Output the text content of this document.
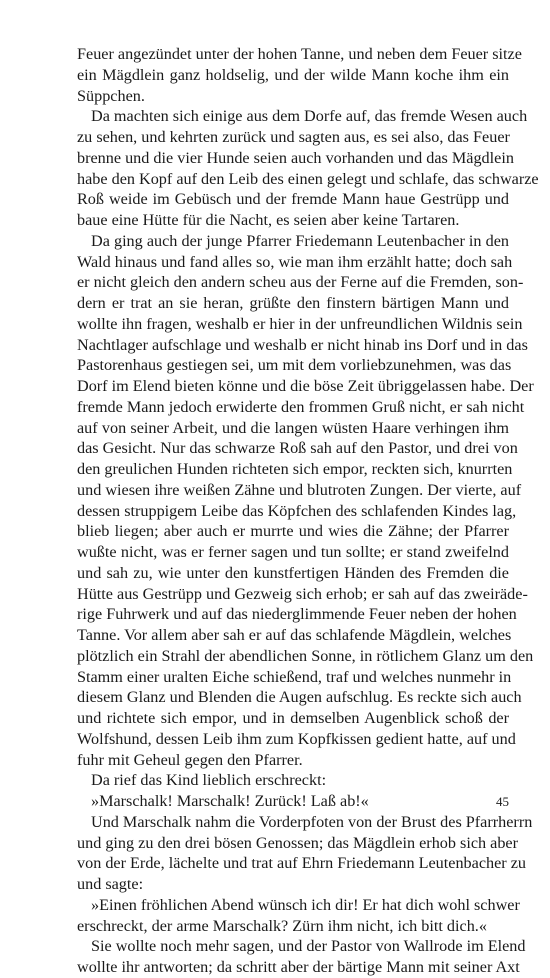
Feuer angezündet unter der hohen Tanne, und neben dem Feuer sitze
ein Mägdlein ganz holdselig, und der wilde Mann koche ihm ein
Süppchen.
Da machten sich einige aus dem Dorfe auf, das fremde Wesen auch
zu sehen, und kehrten zurück und sagten aus, es sei also, das Feuer
brenne und die vier Hunde seien auch vorhanden und das Mägdlein
habe den Kopf auf den Leib des einen gelegt und schlafe, das schwarze
Roß weide im Gebüsch und der fremde Mann haue Gestrüpp und
baue eine Hütte für die Nacht, es seien aber keine Tartaren.
Da ging auch der junge Pfarrer Friedemann Leutenbacher in den
Wald hinaus und fand alles so, wie man ihm erzählt hatte; doch sah
er nicht gleich den andern scheu aus der Ferne auf die Fremden, son-
dern er trat an sie heran, grüßte den finstern bärtigen Mann und
wollte ihn fragen, weshalb er hier in der unfreundlichen Wildnis sein
Nachtlager aufschlage und weshalb er nicht hinab ins Dorf und in das
Pastorenhaus gestiegen sei, um mit dem vorliebzunehmen, was das
Dorf im Elend bieten könne und die böse Zeit übriggelassen habe. Der
fremde Mann jedoch erwiderte den frommen Gruß nicht, er sah nicht
auf von seiner Arbeit, und die langen wüsten Haare verhingen ihm
das Gesicht. Nur das schwarze Roß sah auf den Pastor, und drei von
den greulichen Hunden richteten sich empor, reckten sich, knurrten
und wiesen ihre weißen Zähne und blutroten Zungen. Der vierte, auf
dessen struppigem Leibe das Köpfchen des schlafenden Kindes lag,
blieb liegen; aber auch er murrte und wies die Zähne; der Pfarrer
wußte nicht, was er ferner sagen und tun sollte; er stand zweifelnd
und sah zu, wie unter den kunstfertigen Händen des Fremden die
Hütte aus Gestrüpp und Gezweig sich erhob; er sah auf das zweiräde-
rige Fuhrwerk und auf das niederglimmende Feuer neben der hohen
Tanne. Vor allem aber sah er auf das schlafende Mägdlein, welches
plötzlich ein Strahl der abendlichen Sonne, in rötlichem Glanz um den
Stamm einer uralten Eiche schießend, traf und welches nunmehr in
diesem Glanz und Blenden die Augen aufschlug. Es reckte sich auch
und richtete sich empor, und in demselben Augenblick schoß der
Wolfshund, dessen Leib ihm zum Kopfkissen gedient hatte, auf und
fuhr mit Geheul gegen den Pfarrer.
Da rief das Kind lieblich erschreckt:
»Marschalk! Marschalk! Zurück! Laß ab!«
Und Marschalk nahm die Vorderpfoten von der Brust des Pfarrherrn
und ging zu den drei bösen Genossen; das Mägdlein erhob sich aber
von der Erde, lächelte und trat auf Ehrn Friedemann Leutenbacher zu
und sagte:
»Einen fröhlichen Abend wünsch ich dir! Er hat dich wohl schwer
erschreckt, der arme Marschalk? Zürn ihm nicht, ich bitt dich.«
Sie wollte noch mehr sagen, und der Pastor von Wallrode im Elend
wollte ihr antworten; da schritt aber der bärtige Mann mit seiner Axt
45
